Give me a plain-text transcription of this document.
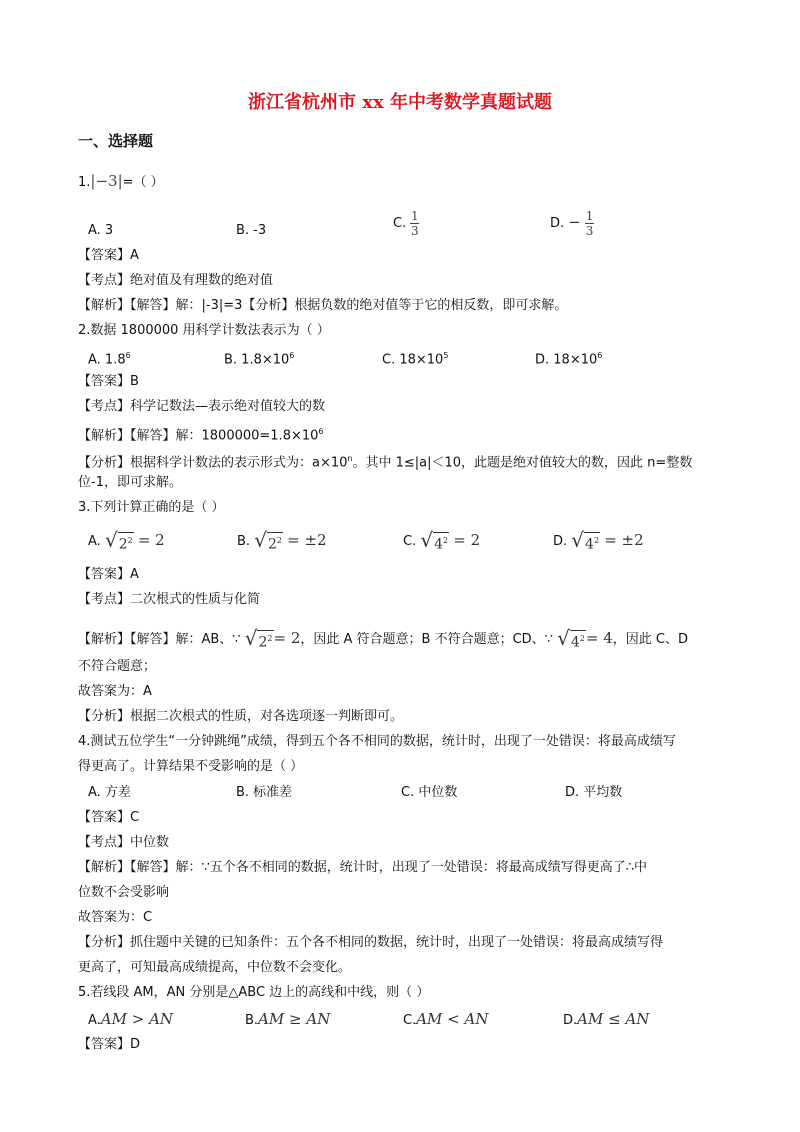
浙江省杭州市 xx 年中考数学真题试题
一、选择题
1.|−3|=（ ）
A. 3	B. -3	C. $\frac{1}{3}$	D. − $\frac{1}{3}$
【答案】A
【考点】绝对值及有理数的绝对值
【解析】【解答】解：|-3|=3【分析】根据负数的绝对值等于它的相反数，即可求解。
2.数据 1800000 用科学计数法表示为（ ）
A. $1.8^6$	B. $1.8\times 10^6$	C. $18\times 10^5$	D. $18\times 10^6$
【答案】B
【考点】科学记数法—表示绝对值较大的数
【解析】【解答】解：$1800000=1.8\times 10^6$
【分析】根据科学计数法的表示形式为：$a\times 10^n$。其中 1≤|a|＜10，此题是绝对值较大的数，因此 n=整数
位-1，即可求解。
3.下列计算正确的是（ ）
A. √ $2^2 = 2$	B. √ $2^2 = \pm 2$	C. √ $4^2 = 2$	D. √ $4^2 = \pm 2$
【答案】A
【考点】二次根式的性质与化简
【解析】【解答】解：AB、∵ √ $2^2 = 2$，因此 A 符合题意；B 不符合题意；CD、∵ √ $4^2 = 4$，因此 C、D
不符合题意；
故答案为：A
【分析】根据二次根式的性质，对各选项逐一判断即可。
4.测试五位学生“一分钟跳绳”成绩，得到五个各不相同的数据，统计时，出现了一处错误：将最高成绩写
得更高了。计算结果不受影响的是（ ）
A. 方差	B. 标准差	C. 中位数	D. 平均数
【答案】C
【考点】中位数
【解析】【解答】解：∵五个各不相同的数据，统计时，出现了一处错误：将最高成绩写得更高了∴中
位数不会受影响
故答案为：C
【分析】抓住题中关键的已知条件：五个各不相同的数据，统计时，出现了一处错误：将最高成绩写得
更高了，可知最高成绩提高，中位数不会变化。
5.若线段 AM，AN 分别是△ABC 边上的高线和中线，则（ ）
A.AM > AN	B.AM ≥ AN	C.AM < AN	D.AM ≤ AN
【答案】D
